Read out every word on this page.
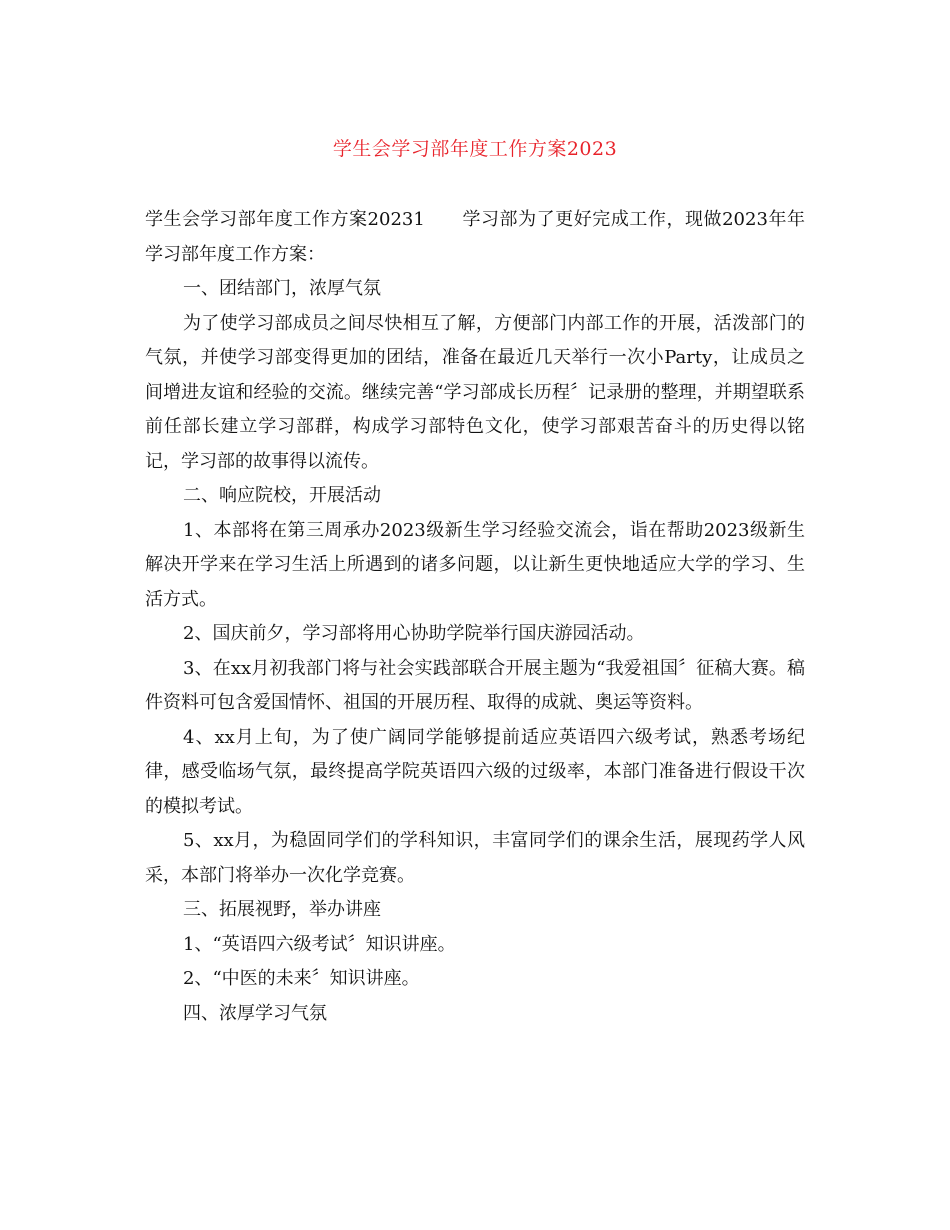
学生会学习部年度工作方案2023

学生会学习部年度工作方案20231　　学习部为了更好完成工作，现做2023年年学习部年度工作方案：

一、团结部门，浓厚气氛

为了使学习部成员之间尽快相互了解，方便部门内部工作的开展，活泼部门的气氛，并使学习部变得更加的团结，准备在最近几天举行一次小Party，让成员之间增进友谊和经验的交流。继续完善“学习部成长历程〞记录册的整理，并期望联系前任部长建立学习部群，构成学习部特色文化，使学习部艰苦奋斗的历史得以铭记，学习部的故事得以流传。

二、响应院校，开展活动

1、本部将在第三周承办2023级新生学习经验交流会，诣在帮助2023级新生解决开学来在学习生活上所遇到的诸多问题，以让新生更快地适应大学的学习、生活方式。

2、国庆前夕，学习部将用心协助学院举行国庆游园活动。

3、在xx月初我部门将与社会实践部联合开展主题为“我爱祖国〞征稿大赛。稿件资料可包含爱国情怀、祖国的开展历程、取得的成就、奥运等资料。

4、xx月上旬，为了使广阔同学能够提前适应英语四六级考试，熟悉考场纪律，感受临场气氛，最终提高学院英语四六级的过级率，本部门准备进行假设干次的模拟考试。

5、xx月，为稳固同学们的学科知识，丰富同学们的课余生活，展现药学人风采，本部门将举办一次化学竞赛。

三、拓展视野，举办讲座

1、“英语四六级考试〞知识讲座。

2、“中医的未来〞知识讲座。

四、浓厚学习气氛
